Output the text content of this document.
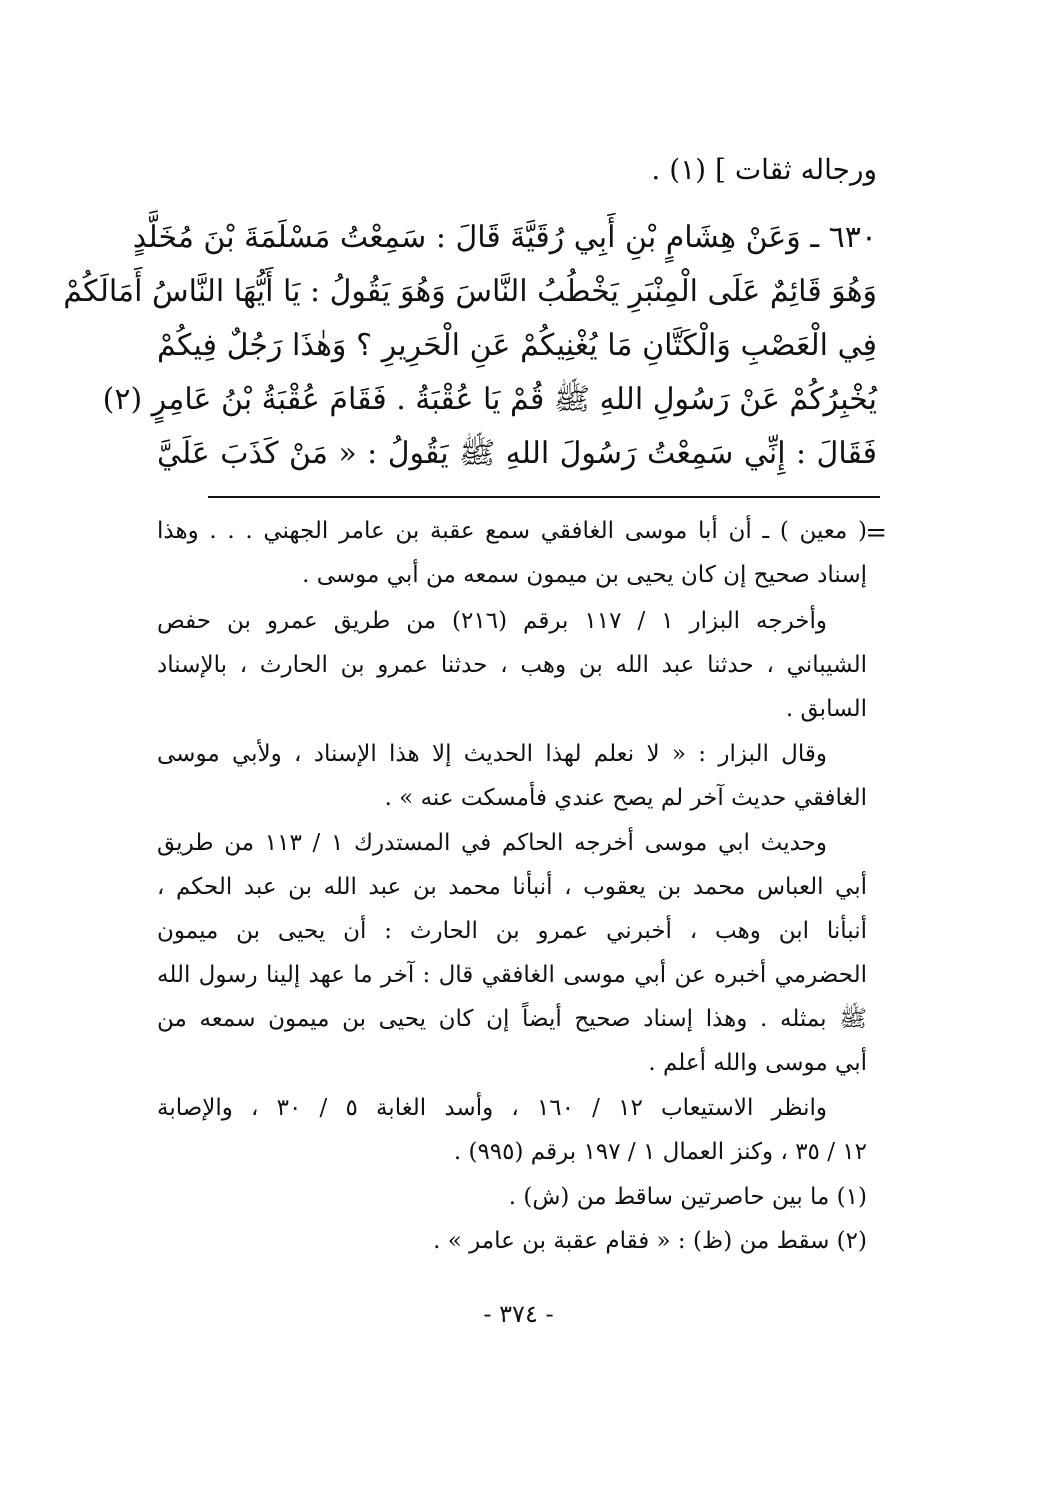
ورجاله ثقات ] (١) .
٦٣٠ ـ وَعَنْ هِشَامٍ بْنِ أَبِي رُقَيَّةَ قَالَ : سَمِعْتُ مَسْلَمَةَ بْنَ مُخَلَّدٍ
وَهُوَ قَائِمٌ عَلَى الْمِنْبَرِ يَخْطُبُ النَّاسَ وَهُوَ يَقُولُ : يَا أَيُّهَا النَّاسُ أَمَالَكُمْ
فِي الْعَصْبِ وَالْكَتَّانِ مَا يُغْنِيكُمْ عَنِ الْحَرِيرِ ؟ وَهٰذَا رَجُلٌ فِيكُمْ
يُخْبِرُكُمْ عَنْ رَسُولِ اللهِ ﷺ قُمْ يَا عُقْبَةُ . فَقَامَ عُقْبَةُ بْنُ عَامِرٍ (٢)
فَقَالَ : إِنِّي سَمِعْتُ رَسُولَ اللهِ ﷺ يَقُولُ : « مَنْ كَذَبَ عَلَيَّ
=
( معين ) ـ أن أبا موسى الغافقي سمع عقبة بن عامر الجهني . . . وهذا
إسناد صحيح إن كان يحيى بن ميمون سمعه من أبي موسى .
وأخرجه البزار ١ / ١١٧ برقم (٢١٦) من طريق عمرو بن حفص
الشيباني ، حدثنا عبد الله بن وهب ، حدثنا عمرو بن الحارث ، بالإسناد
السابق .
وقال البزار : « لا نعلم لهذا الحديث إلا هذا الإسناد ، ولأبي موسى
الغافقي حديث آخر لم يصح عندي فأمسكت عنه » .
وحديث ابي موسى أخرجه الحاكم في المستدرك ١ / ١١٣ من طريق
أبي العباس محمد بن يعقوب ، أنبأنا محمد بن عبد الله بن عبد الحكم ،
أنبأنا ابن وهب ، أخبرني عمرو بن الحارث : أن يحيى بن ميمون
الحضرمي أخبره عن أبي موسى الغافقي قال : آخر ما عهد إلينا رسول الله
ﷺ بمثله . وهذا إسناد صحيح أيضاً إن كان يحيى بن ميمون سمعه من
أبي موسى والله أعلم .
وانظر الاستيعاب ١٢ / ١٦٠ ، وأسد الغابة ٥ / ٣٠ ، والإصابة
١٢ / ٣٥ ، وكنز العمال ١ / ١٩٧ برقم (٩٩٥) .
(١) ما بين حاصرتين ساقط من (ش) .
(٢) سقط من (ظ) : « فقام عقبة بن عامر » .
- ٣٧٤ -
